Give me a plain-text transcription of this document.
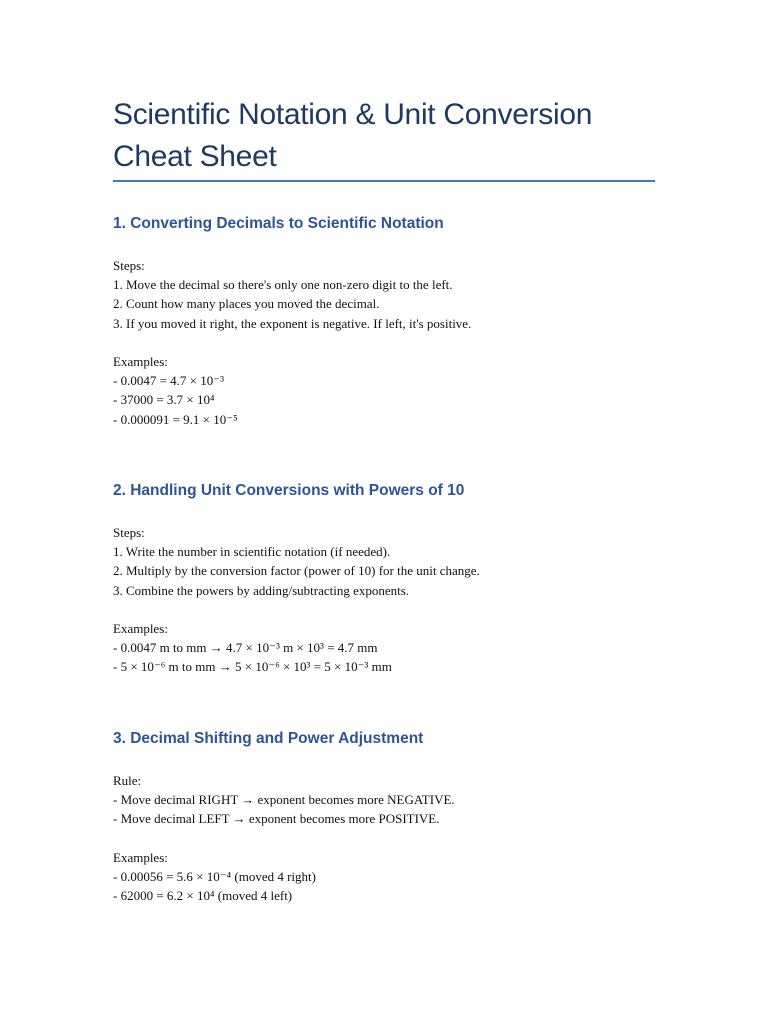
Scientific Notation & Unit Conversion Cheat Sheet
1. Converting Decimals to Scientific Notation
Steps:
1. Move the decimal so there's only one non-zero digit to the left.
2. Count how many places you moved the decimal.
3. If you moved it right, the exponent is negative. If left, it's positive.
Examples:
- 0.0047 = 4.7 × 10⁻³
- 37000 = 3.7 × 10⁴
- 0.000091 = 9.1 × 10⁻⁵
2. Handling Unit Conversions with Powers of 10
Steps:
1. Write the number in scientific notation (if needed).
2. Multiply by the conversion factor (power of 10) for the unit change.
3. Combine the powers by adding/subtracting exponents.
Examples:
- 0.0047 m to mm → 4.7 × 10⁻³ m × 10³ = 4.7 mm
- 5 × 10⁻⁶ m to mm → 5 × 10⁻⁶ × 10³ = 5 × 10⁻³ mm
3. Decimal Shifting and Power Adjustment
Rule:
- Move decimal RIGHT → exponent becomes more NEGATIVE.
- Move decimal LEFT → exponent becomes more POSITIVE.
Examples:
- 0.00056 = 5.6 × 10⁻⁴ (moved 4 right)
- 62000 = 6.2 × 10⁴ (moved 4 left)
